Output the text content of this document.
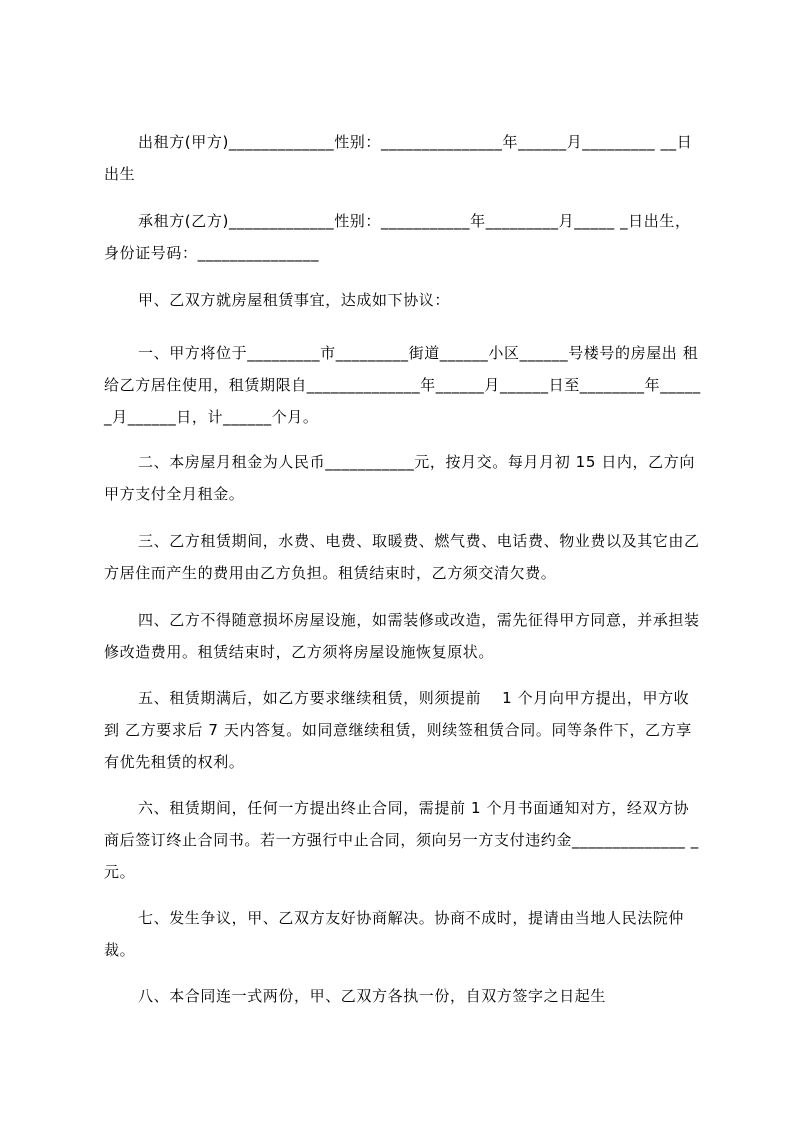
出租方(甲方)_____________性别：_______________年______月_________ __日出生
承租方(乙方)_____________性别：___________年_________月_____ _日出生，身份证号码：_______________
甲、乙双方就房屋租赁事宜，达成如下协议：
一、甲方将位于_________市_________街道______小区______号楼号的房屋出 租给乙方居住使用，租赁期限自______________年______月______日至________年______月______日，计______个月。
二、本房屋月租金为人民币___________元，按月交。每月月初 15 日内，乙方向甲方支付全月租金。
三、乙方租赁期间，水费、电费、取暖费、燃气费、电话费、物业费以及其它由乙方居住而产生的费用由乙方负担。租赁结束时，乙方须交清欠费。
四、乙方不得随意损坏房屋设施，如需装修或改造，需先征得甲方同意，并承担装修改造费用。租赁结束时，乙方须将房屋设施恢复原状。
五、租赁期满后，如乙方要求继续租赁，则须提前　 1 个月向甲方提出，甲方收到 乙方要求后 7 天内答复。如同意继续租赁，则续签租赁合同。同等条件下，乙方享有优先租赁的权利。
六、租赁期间，任何一方提出终止合同，需提前 1 个月书面通知对方，经双方协 商后签订终止合同书。若一方强行中止合同，须向另一方支付违约金______________ _元。
七、发生争议，甲、乙双方友好协商解决。协商不成时，提请由当地人民法院仲裁。
八、本合同连一式两份，甲、乙双方各执一份，自双方签字之日起生
